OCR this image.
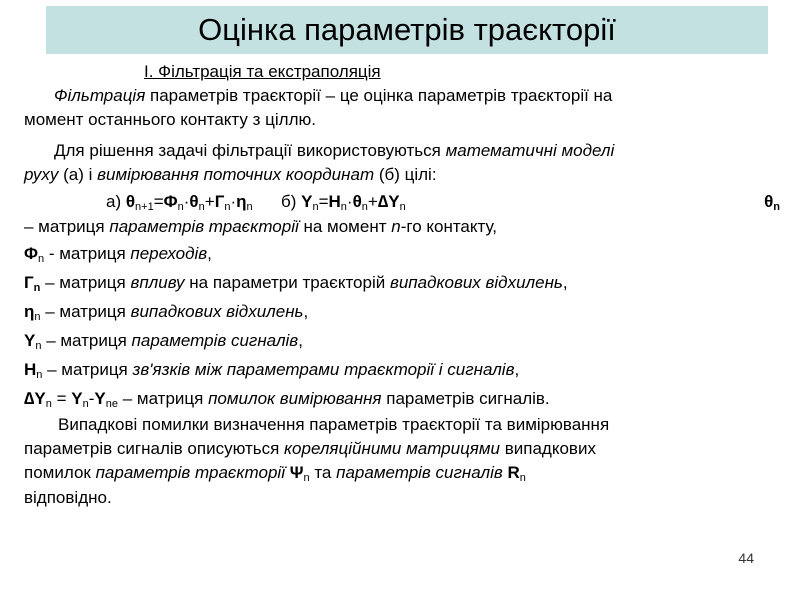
Оцінка параметрів траєкторії
I. Фільтрація та екстраполяція
Фільтрація параметрів траєкторії – це оцінка параметрів траєкторії на
момент останнього контакту з ціллю.
Для рішення задачі фільтрації використовуються математичні моделі
руху (а) і вимірювання поточних координат (б) цілі:
а) $\theta_{n+1}=\Phi_n\cdot\theta_n+Г_n\cdot\eta_n$ б) $Y_n=H_n\cdot\theta_n+\Delta Y_n$	$\theta_n$
– матриця параметрів траєкторії на момент n-го контакту,
$\Phi_n$ - матриця переходів,
$Г_n$ – матриця впливу на параметри траєкторій випадкових відхилень,
$\eta_n$ – матриця випадкових відхилень,
$Y_n$ – матриця параметрів сигналів,
$H_n$ – матриця зв'язків між параметрами траєкторії і сигналів,
$\Delta Y_n = Y_n-Y_{ne}$ – матриця помилок вимірювання параметрів сигналів.
Випадкові помилки визначення параметрів траєкторії та вимірювання
параметрів сигналів описуються кореляційними матрицями випадкових
помилок параметрів траєкторії $\Psi_n$ та параметрів сигналів $R_n$
відповідно.
44
